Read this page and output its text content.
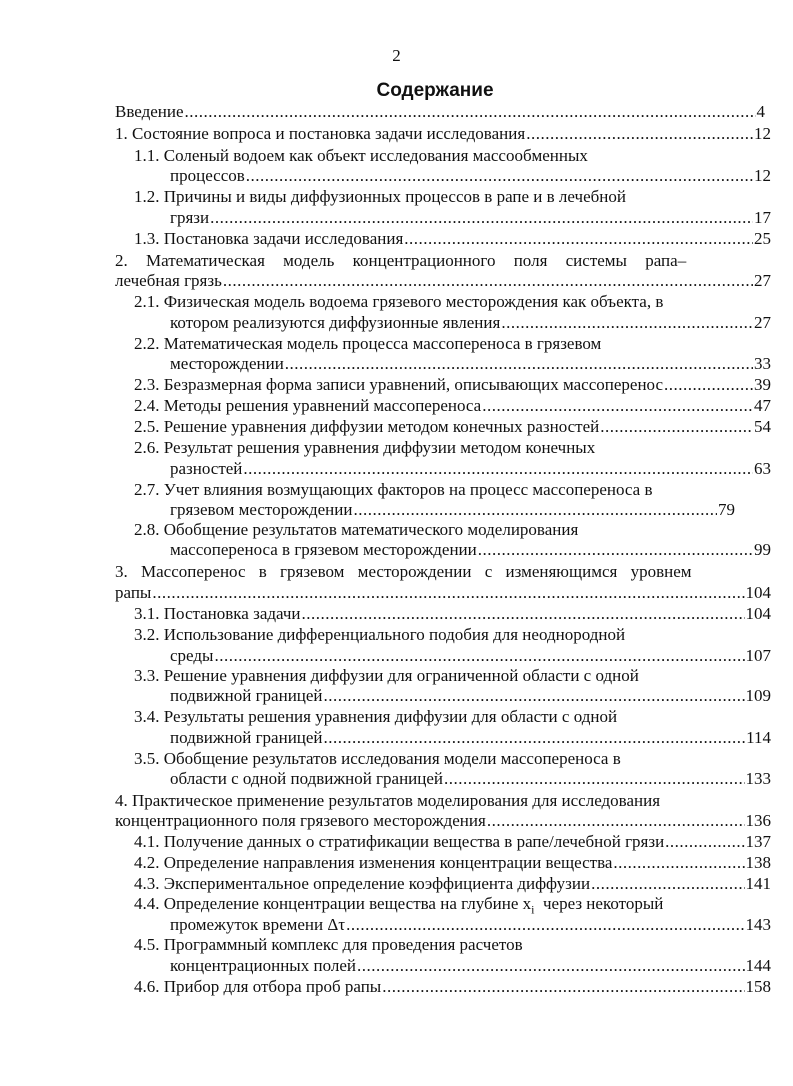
2
Содержание
Введение .....	4
1. Состояние вопроса и постановка задачи исследования .....	12
1.1. Соленый водоем как объект исследования массообменных
процессов .....	12
1.2. Причины и виды диффузионных процессов в рапе и в лечебной
грязи .....	17
1.3. Постановка задачи исследования .....	25
2. Математическая модель концентрационного поля системы рапа–
лечебная грязь .....	27
2.1. Физическая модель водоема грязевого месторождения как объекта, в
котором реализуются диффузионные явления .....	27
2.2. Математическая модель процесса массопереноса в грязевом
месторождении .....	33
2.3. Безразмерная форма записи уравнений, описывающих массоперенос .....	39
2.4. Методы решения уравнений массопереноса .....	47
2.5. Решение уравнения диффузии методом конечных разностей .....	54
2.6. Результат решения уравнения диффузии методом конечных
разностей .....	63
2.7. Учет влияния возмущающих факторов на процесс массопереноса в
грязевом месторождении .....	79
2.8. Обобщение результатов математического моделирования
массопереноса в грязевом месторождении .....	99
3. Массоперенос в грязевом месторождении с изменяющимся уровнем
рапы .....	104
3.1. Постановка задачи .....	104
3.2. Использование дифференциального подобия для неоднородной
среды .....	107
3.3. Решение уравнения диффузии для ограниченной области с одной
подвижной границей .....	109
3.4. Результаты решения уравнения диффузии для области с одной
подвижной границей .....	114
3.5. Обобщение результатов исследования модели массопереноса в
области с одной подвижной границей .....	133
4. Практическое применение результатов моделирования для исследования
концентрационного поля грязевого месторождения .....	136
4.1. Получение данных о стратификации вещества в рапе/лечебной грязи .....	137
4.2. Определение направления изменения концентрации вещества .....	138
4.3. Экспериментальное определение коэффициента диффузии .....	141
4.4. Определение концентрации вещества на глубине $x_i$  через некоторый
промежуток времени Δτ .....	143
4.5. Программный комплекс для проведения расчетов
концентрационных полей .....	144
4.6. Прибор для отбора проб рапы .....	158
